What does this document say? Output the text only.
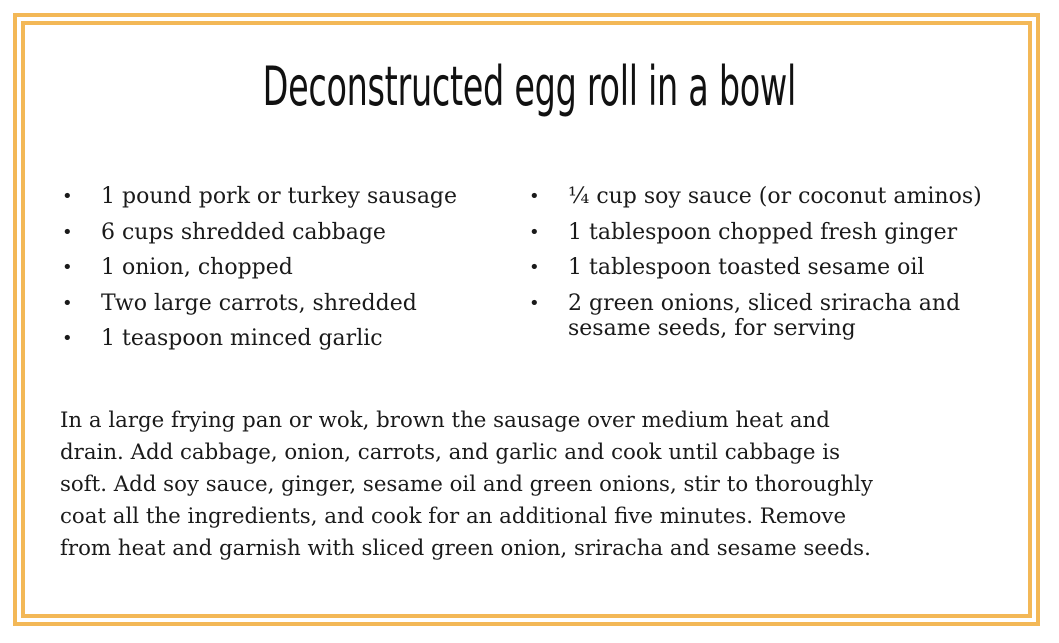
Deconstructed egg roll in a bowl
• 1 pound pork or turkey sausage
• 6 cups shredded cabbage
• 1 onion, chopped
• Two large carrots, shredded
• 1 teaspoon minced garlic
• ¼ cup soy sauce (or coconut aminos)
• 1 tablespoon chopped fresh ginger
• 1 tablespoon toasted sesame oil
• 2 green onions, sliced sriracha and sesame seeds, for serving

In a large frying pan or wok, brown the sausage over medium heat and
drain. Add cabbage, onion, carrots, and garlic and cook until cabbage is
soft. Add soy sauce, ginger, sesame oil and green onions, stir to thoroughly
coat all the ingredients, and cook for an additional five minutes. Remove
from heat and garnish with sliced green onion, sriracha and sesame seeds.
